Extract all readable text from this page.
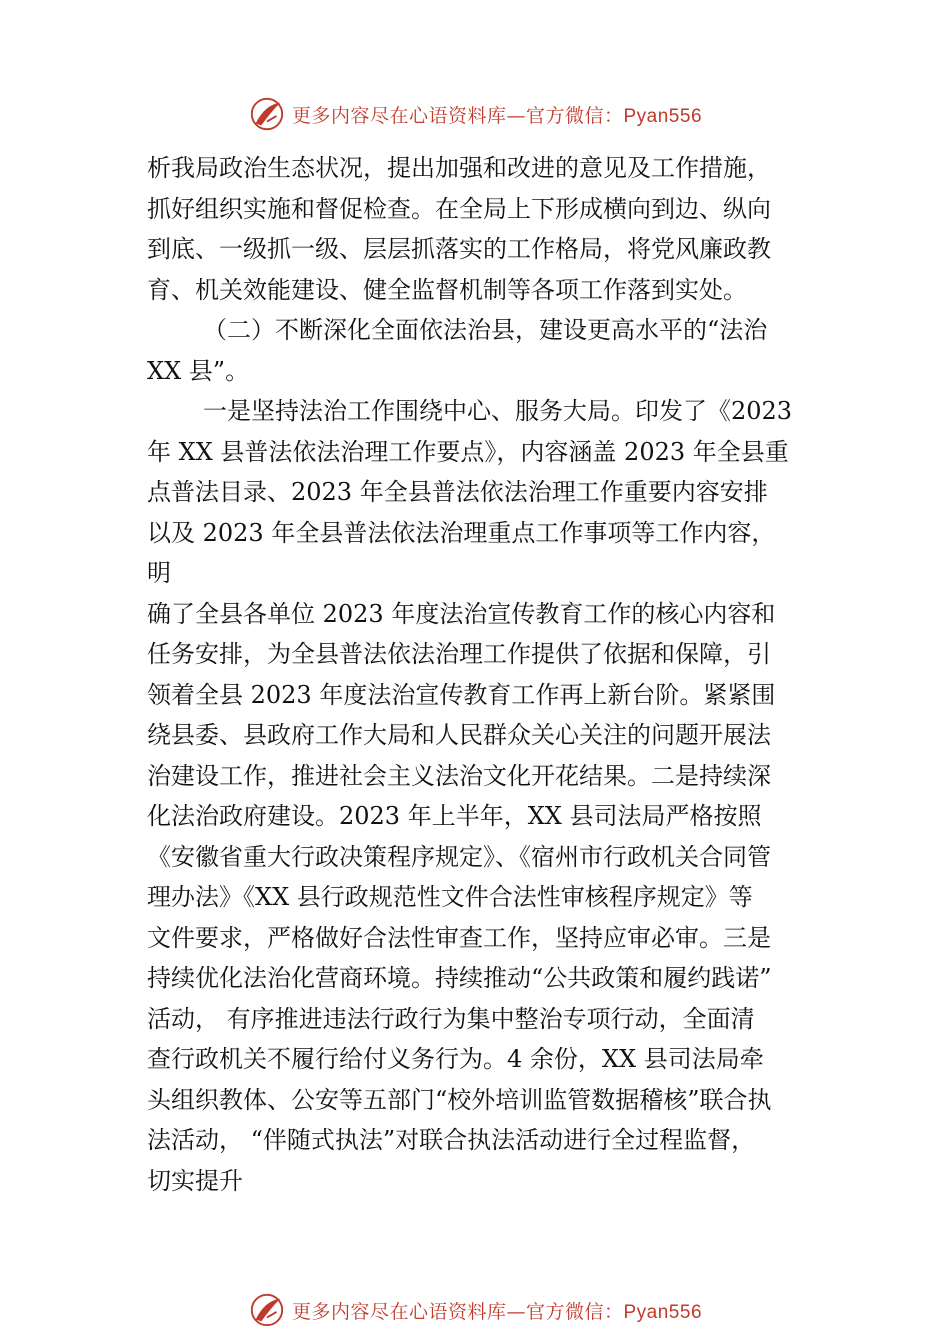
更多内容尽在心语资料库—官方微信：Pyan556
析我局政治生态状况，提出加强和改进的意见及工作措施，
抓好组织实施和督促检查。在全局上下形成横向到边、纵向
到底、一级抓一级、层层抓落实的工作格局，将党风廉政教
育、机关效能建设、健全监督机制等各项工作落到实处。
（二）不断深化全面依法治县，建设更高水平的“法治
XX 县”。
一是坚持法治工作围绕中心、服务大局。印发了《2023
年 XX 县普法依法治理工作要点》，内容涵盖 2023 年全县重
点普法目录、2023 年全县普法依法治理工作重要内容安排
以及 2023 年全县普法依法治理重点工作事项等工作内容，
明
确了全县各单位 2023 年度法治宣传教育工作的核心内容和
任务安排，为全县普法依法治理工作提供了依据和保障，引
领着全县 2023 年度法治宣传教育工作再上新台阶。紧紧围
绕县委、县政府工作大局和人民群众关心关注的问题开展法
治建设工作，推进社会主义法治文化开花结果。二是持续深
化法治政府建设。2023 年上半年，XX 县司法局严格按照
《安徽省重大行政决策程序规定》、《宿州市行政机关合同管
理办法》《XX 县行政规范性文件合法性审核程序规定》等
文件要求，严格做好合法性审查工作，坚持应审必审。三是
持续优化法治化营商环境。持续推动“公共政策和履约践诺”
活动， 有序推进违法行政行为集中整治专项行动，全面清
查行政机关不履行给付义务行为。4 余份，XX 县司法局牵
头组织教体、公安等五部门“校外培训监管数据稽核”联合执
法活动， “伴随式执法”对联合执法活动进行全过程监督，
切实提升
更多内容尽在心语资料库—官方微信：Pyan556
